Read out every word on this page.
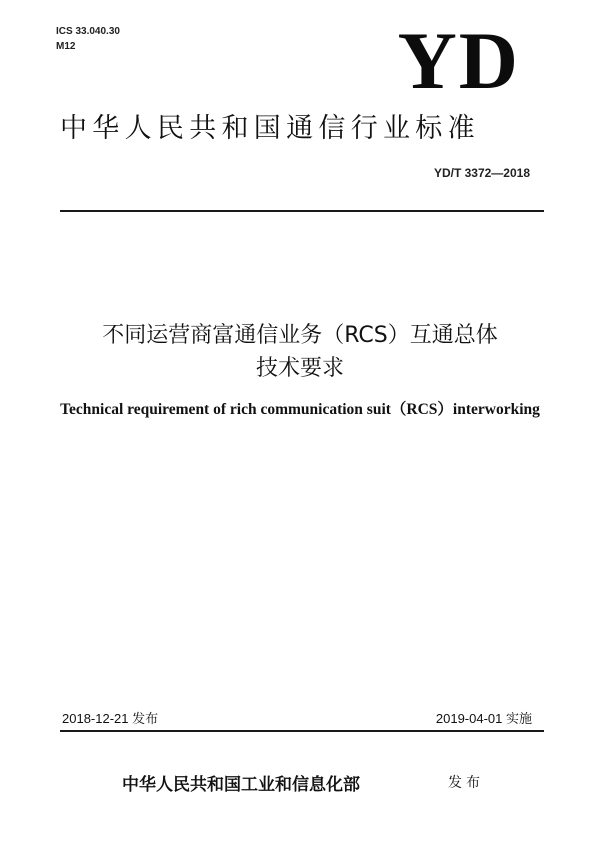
ICS 33.040.30
M12	YD
中华人民共和国通信行业标准
YD/T 3372—2018
不同运营商富通信业务（RCS）互通总体
技术要求
Technical requirement of rich communication suit（RCS）interworking
2018-12-21 发布	2019-04-01 实施
中华人民共和国工业和信息化部	发布
